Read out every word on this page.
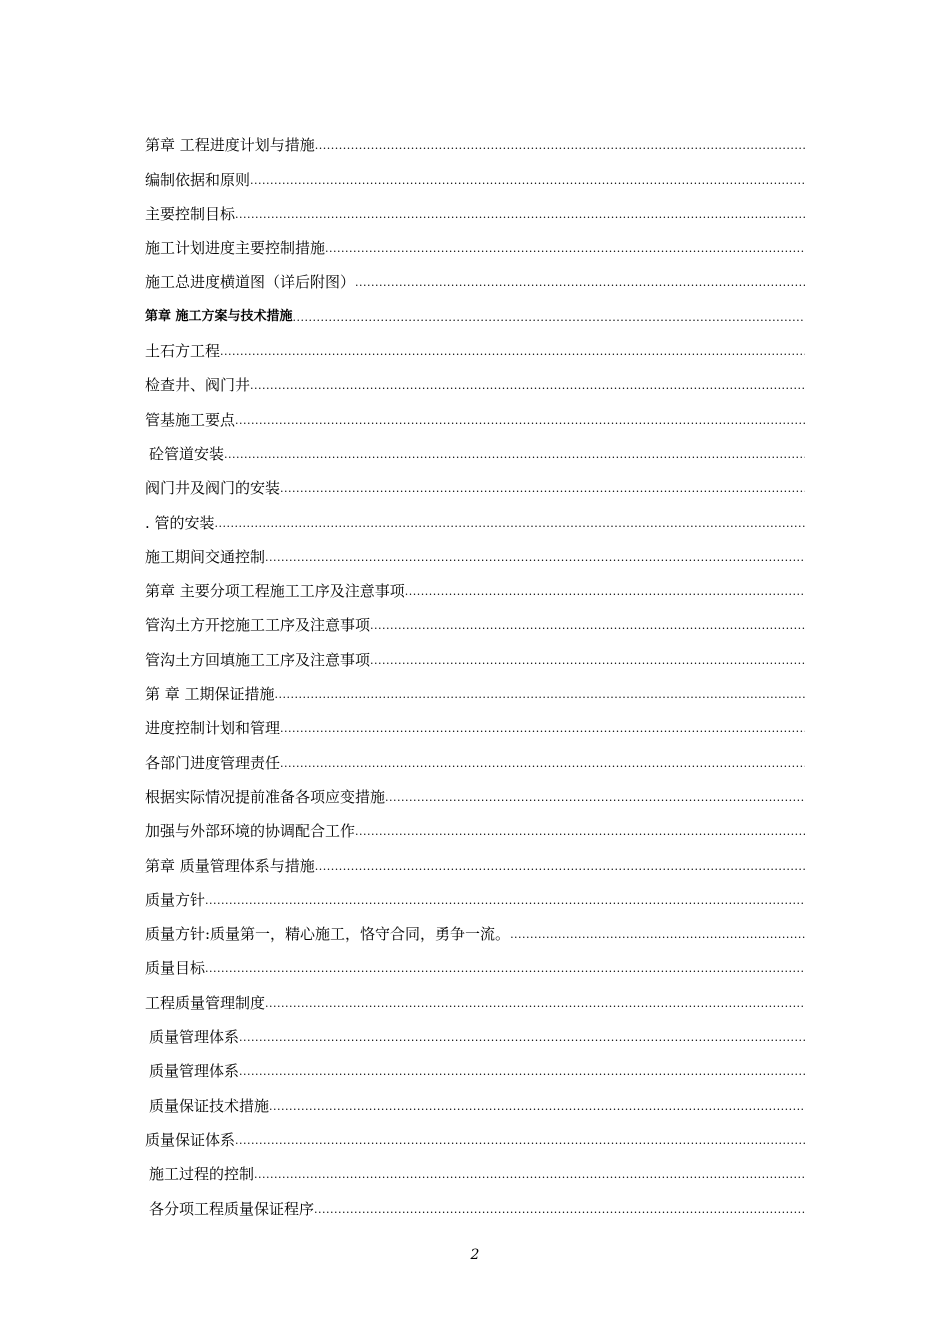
第章 工程进度计划与措施
.....
编制依据和原则
.....
主要控制目标
.....
施工计划进度主要控制措施
.....
施工总进度横道图（详后附图）
.....
第章 施工方案与技术措施
.....
土石方工程
.....
检查井、阀门井
.....
管基施工要点
.....
砼管道安装
.....
阀门井及阀门的安装
.....
. 管的安装
.....
施工期间交通控制
.....
第章 主要分项工程施工工序及注意事项
.....
管沟土方开挖施工工序及注意事项
.....
管沟土方回填施工工序及注意事项
.....
第 章 工期保证措施
.....
进度控制计划和管理
.....
各部门进度管理责任
.....
根据实际情况提前准备各项应变措施
.....
加强与外部环境的协调配合工作
.....
第章 质量管理体系与措施
.....
质量方针
.....
质量方针:质量第一，精心施工，恪守合同，勇争一流。
.....
质量目标
.....
工程质量管理制度
.....
质量管理体系
.....
质量管理体系
.....
质量保证技术措施
.....
质量保证体系
.....
施工过程的控制
.....
各分项工程质量保证程序
.....
2
